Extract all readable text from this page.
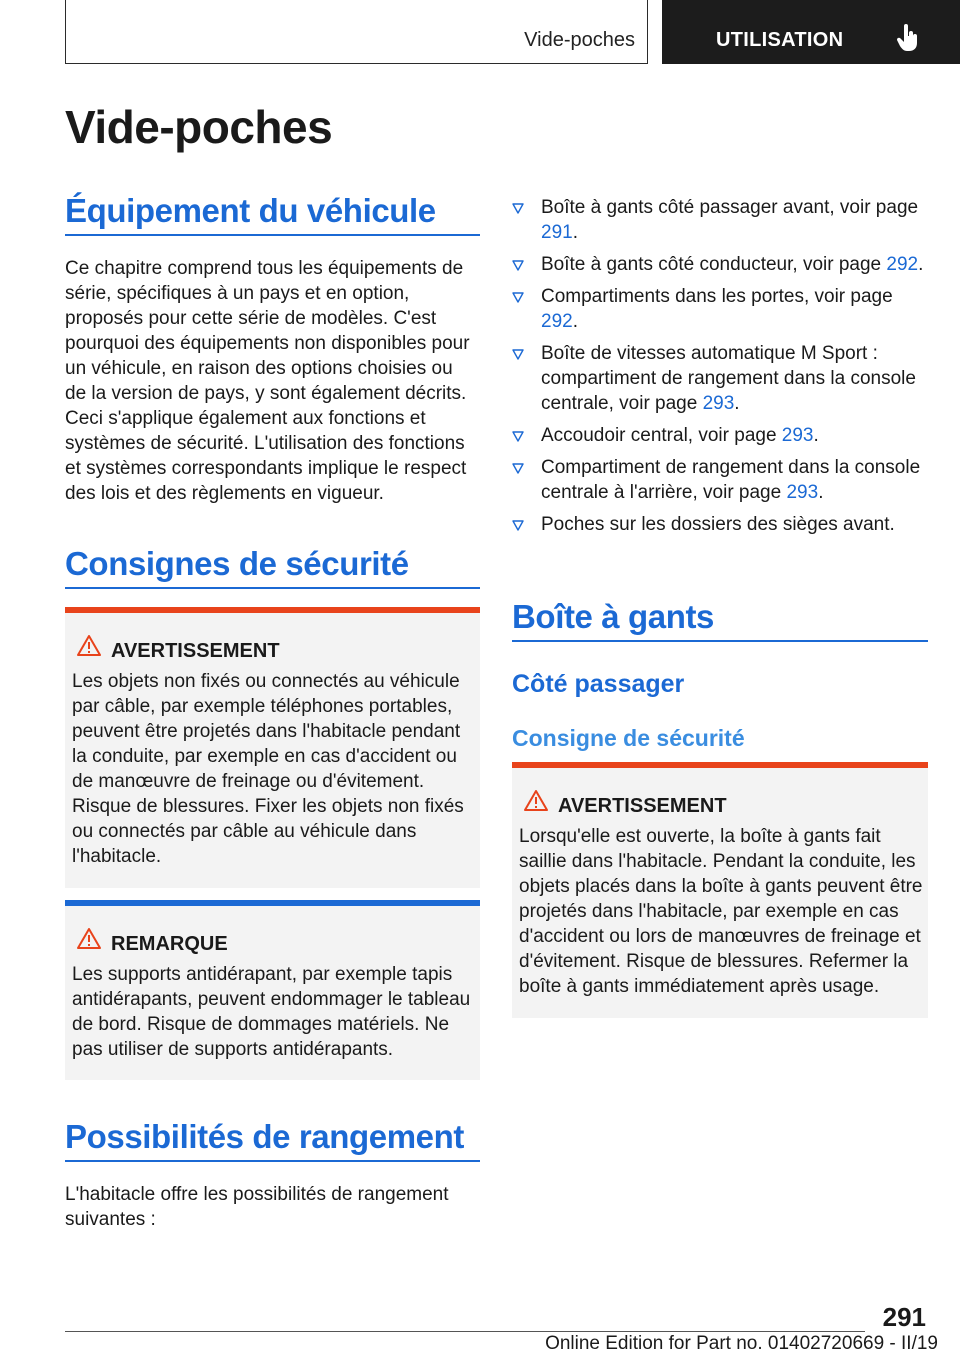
Vide-poches	UTILISATION
Vide-poches
Équipement du véhicule

Ce chapitre comprend tous les équipements de série, spécifiques à un pays et en option, proposés pour cette série de modèles. C'est pourquoi des équipements non disponibles pour un véhicule, en raison des options choisies ou de la version de pays, y sont également décrits. Ceci s'applique également aux fonctions et systèmes de sécurité. L'utilisation des fonctions et systèmes correspondants implique le respect des lois et des règlements en vigueur.

Consignes de sécurité
AVERTISSEMENT

Les objets non fixés ou connectés au véhicule par câble, par exemple téléphones portables, peuvent être projetés dans l'habitacle pendant la conduite, par exemple en cas d'accident ou de manœuvre de freinage ou d'évitement. Risque de blessures. Fixer les objets non fixés ou connectés par câble au véhicule dans l'habitacle.

REMARQUE

Les supports antidérapant, par exemple tapis antidérapants, peuvent endommager le tableau de bord. Risque de dommages matériels. Ne pas utiliser de supports antidérapants.

Possibilités de rangement

L'habitacle offre les possibilités de rangement suivantes :

Boîte à gants côté passager avant, voir page 291.
Boîte à gants côté conducteur, voir page 292.
Compartiments dans les portes, voir page 292.
Boîte de vitesses automatique M Sport : compartiment de rangement dans la console centrale, voir page 293.
Accoudoir central, voir page 293.
Compartiment de rangement dans la console centrale à l'arrière, voir page 293.
Poches sur les dossiers des sièges avant.
Boîte à gants
Côté passager
Consigne de sécurité
AVERTISSEMENT

Lorsqu'elle est ouverte, la boîte à gants fait saillie dans l'habitacle. Pendant la conduite, les objets placés dans la boîte à gants peuvent être projetés dans l'habitacle, par exemple en cas d'accident ou lors de manœuvres de freinage et d'évitement. Risque de blessures. Refermer la boîte à gants immédiatement après usage.

291
Online Edition for Part no. 01402720669 - II/19
